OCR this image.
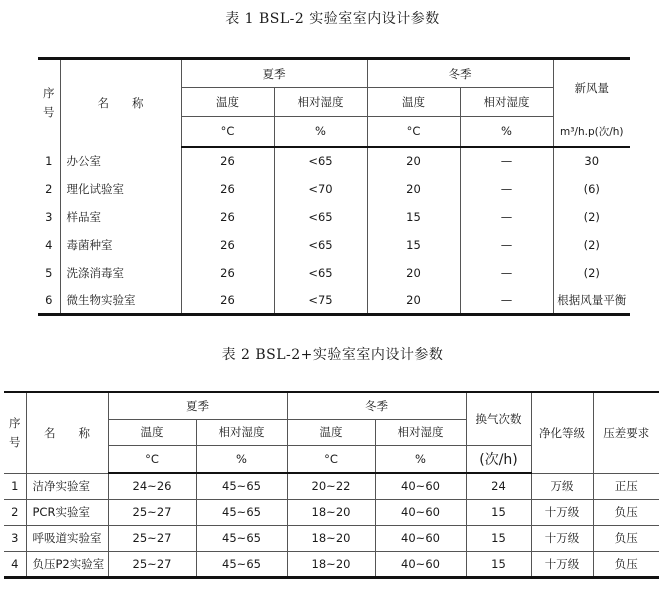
表 1 BSL-2 实验室室内设计参数
序
号	名　　称	夏季		冬季		新风量
		温度	相对湿度	温度	相对湿度	
		°C	%	°C	%	m³/h.p(次/h)
1	办公室	26	<65	20	—	30
2	理化试验室	26	<70	20	—	(6)
3	样品室	26	<65	15	—	(2)
4	毒菌种室	26	<65	15	—	(2)
5	洗涤消毒室	26	<65	20	—	(2)
6	微生物实验室	26	<75	20	—	根据风量平衡
表 2 BSL-2+实验室室内设计参数
序
号	名　　称	夏季		冬季		换气次数	净化等级	压差要求
		温度	相对湿度	温度	相对湿度			
		°C	%	°C	%	(次/h)		
1	洁净实验室	24~26	45~65	20~22	40~60	24	万级	正压
2	PCR实验室	25~27	45~65	18~20	40~60	15	十万级	负压
3	呼吸道实验室	25~27	45~65	18~20	40~60	15	十万级	负压
4	负压P2实验室	25~27	45~65	18~20	40~60	15	十万级	负压
